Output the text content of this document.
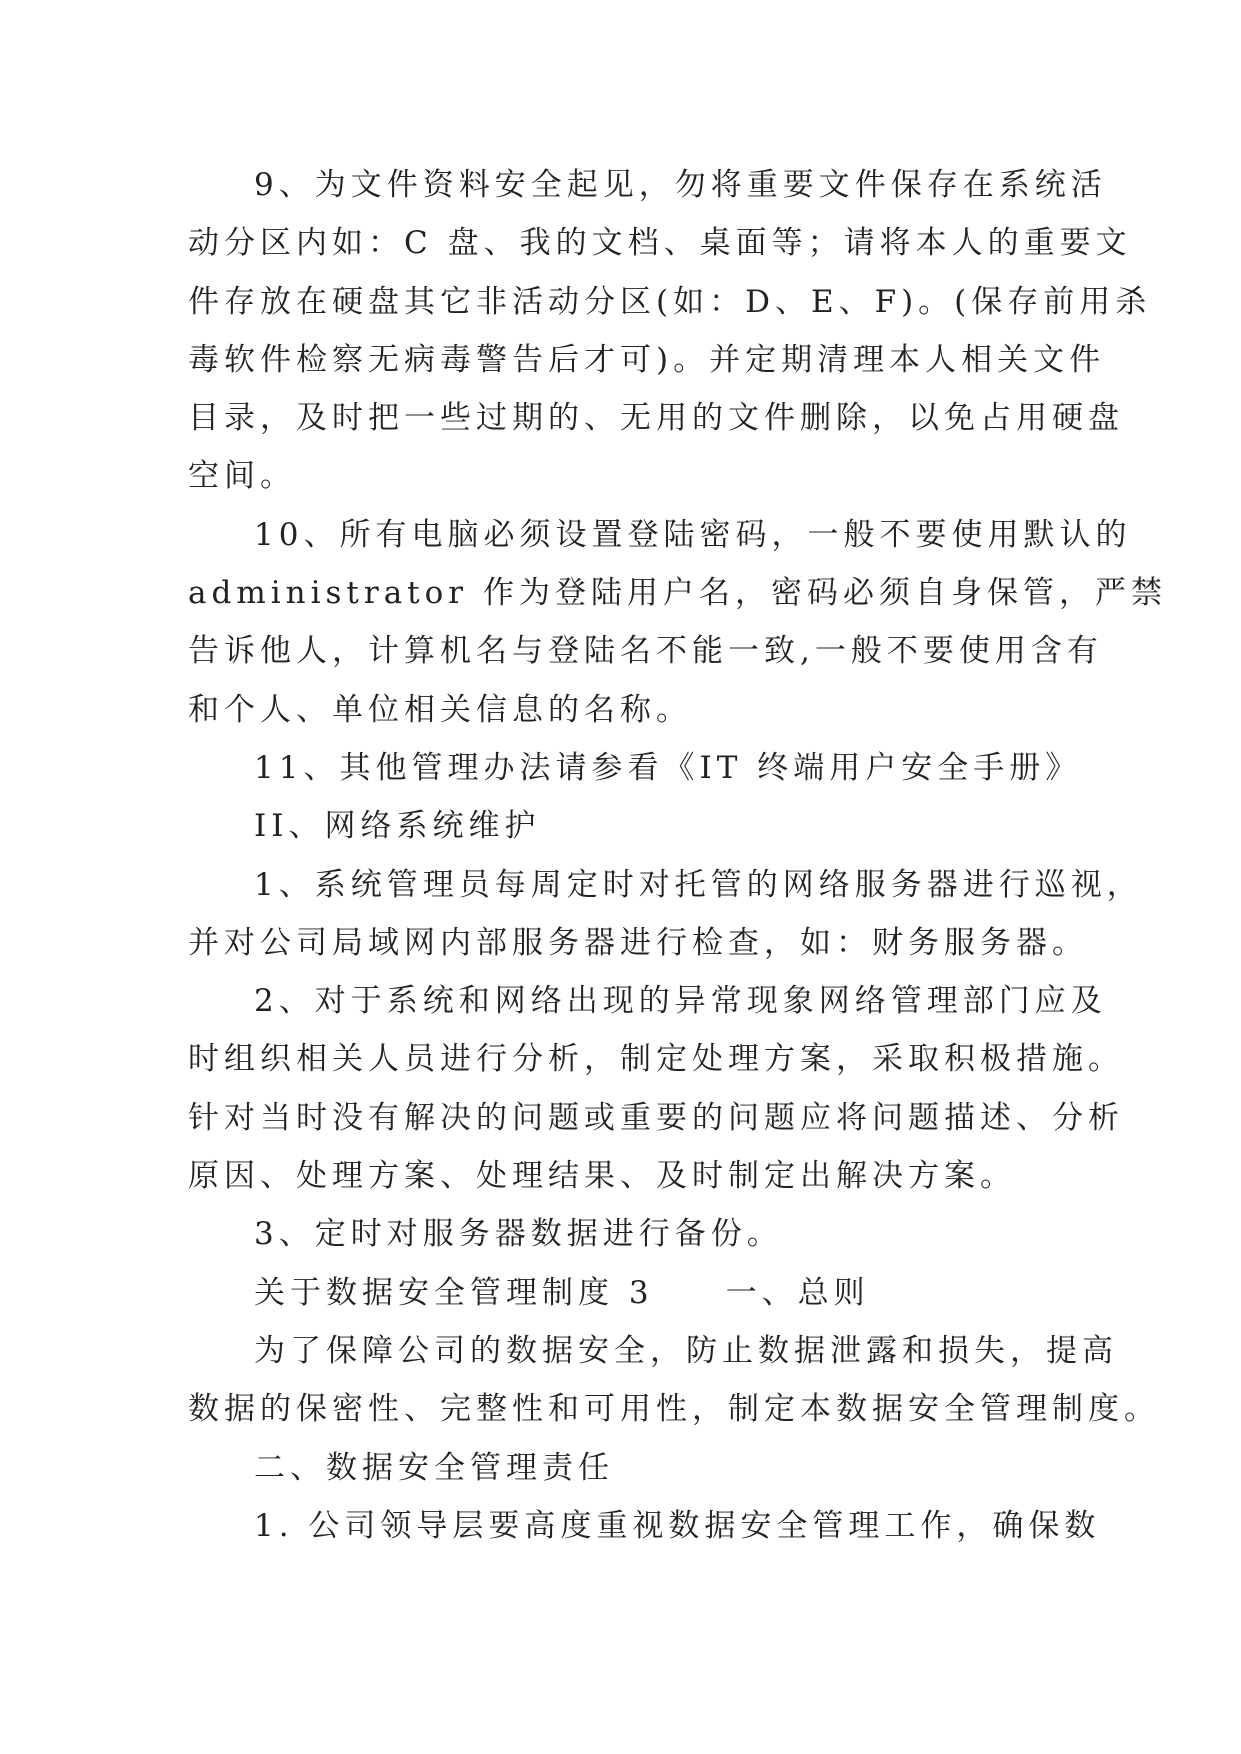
9、为文件资料安全起见，勿将重要文件保存在系统活
动分区内如：C 盘、我的文档、桌面等；请将本人的重要文
件存放在硬盘其它非活动分区(如：D、E、F)。(保存前用杀
毒软件检察无病毒警告后才可)。并定期清理本人相关文件
目录，及时把一些过期的、无用的文件删除，以免占用硬盘
空间。

10、所有电脑必须设置登陆密码，一般不要使用默认的
administrator 作为登陆用户名，密码必须自身保管，严禁
告诉他人，计算机名与登陆名不能一致,一般不要使用含有
和个人、单位相关信息的名称。

11、其他管理办法请参看《IT 终端用户安全手册》

II、网络系统维护

1、系统管理员每周定时对托管的网络服务器进行巡视，
并对公司局域网内部服务器进行检查，如：财务服务器。

2、对于系统和网络出现的异常现象网络管理部门应及
时组织相关人员进行分析，制定处理方案，采取积极措施。
针对当时没有解决的问题或重要的问题应将问题描述、分析
原因、处理方案、处理结果、及时制定出解决方案。

3、定时对服务器数据进行备份。

关于数据安全管理制度 3　　一、总则

为了保障公司的数据安全，防止数据泄露和损失，提高
数据的保密性、完整性和可用性，制定本数据安全管理制度。

二、数据安全管理责任

1. 公司领导层要高度重视数据安全管理工作，确保数
